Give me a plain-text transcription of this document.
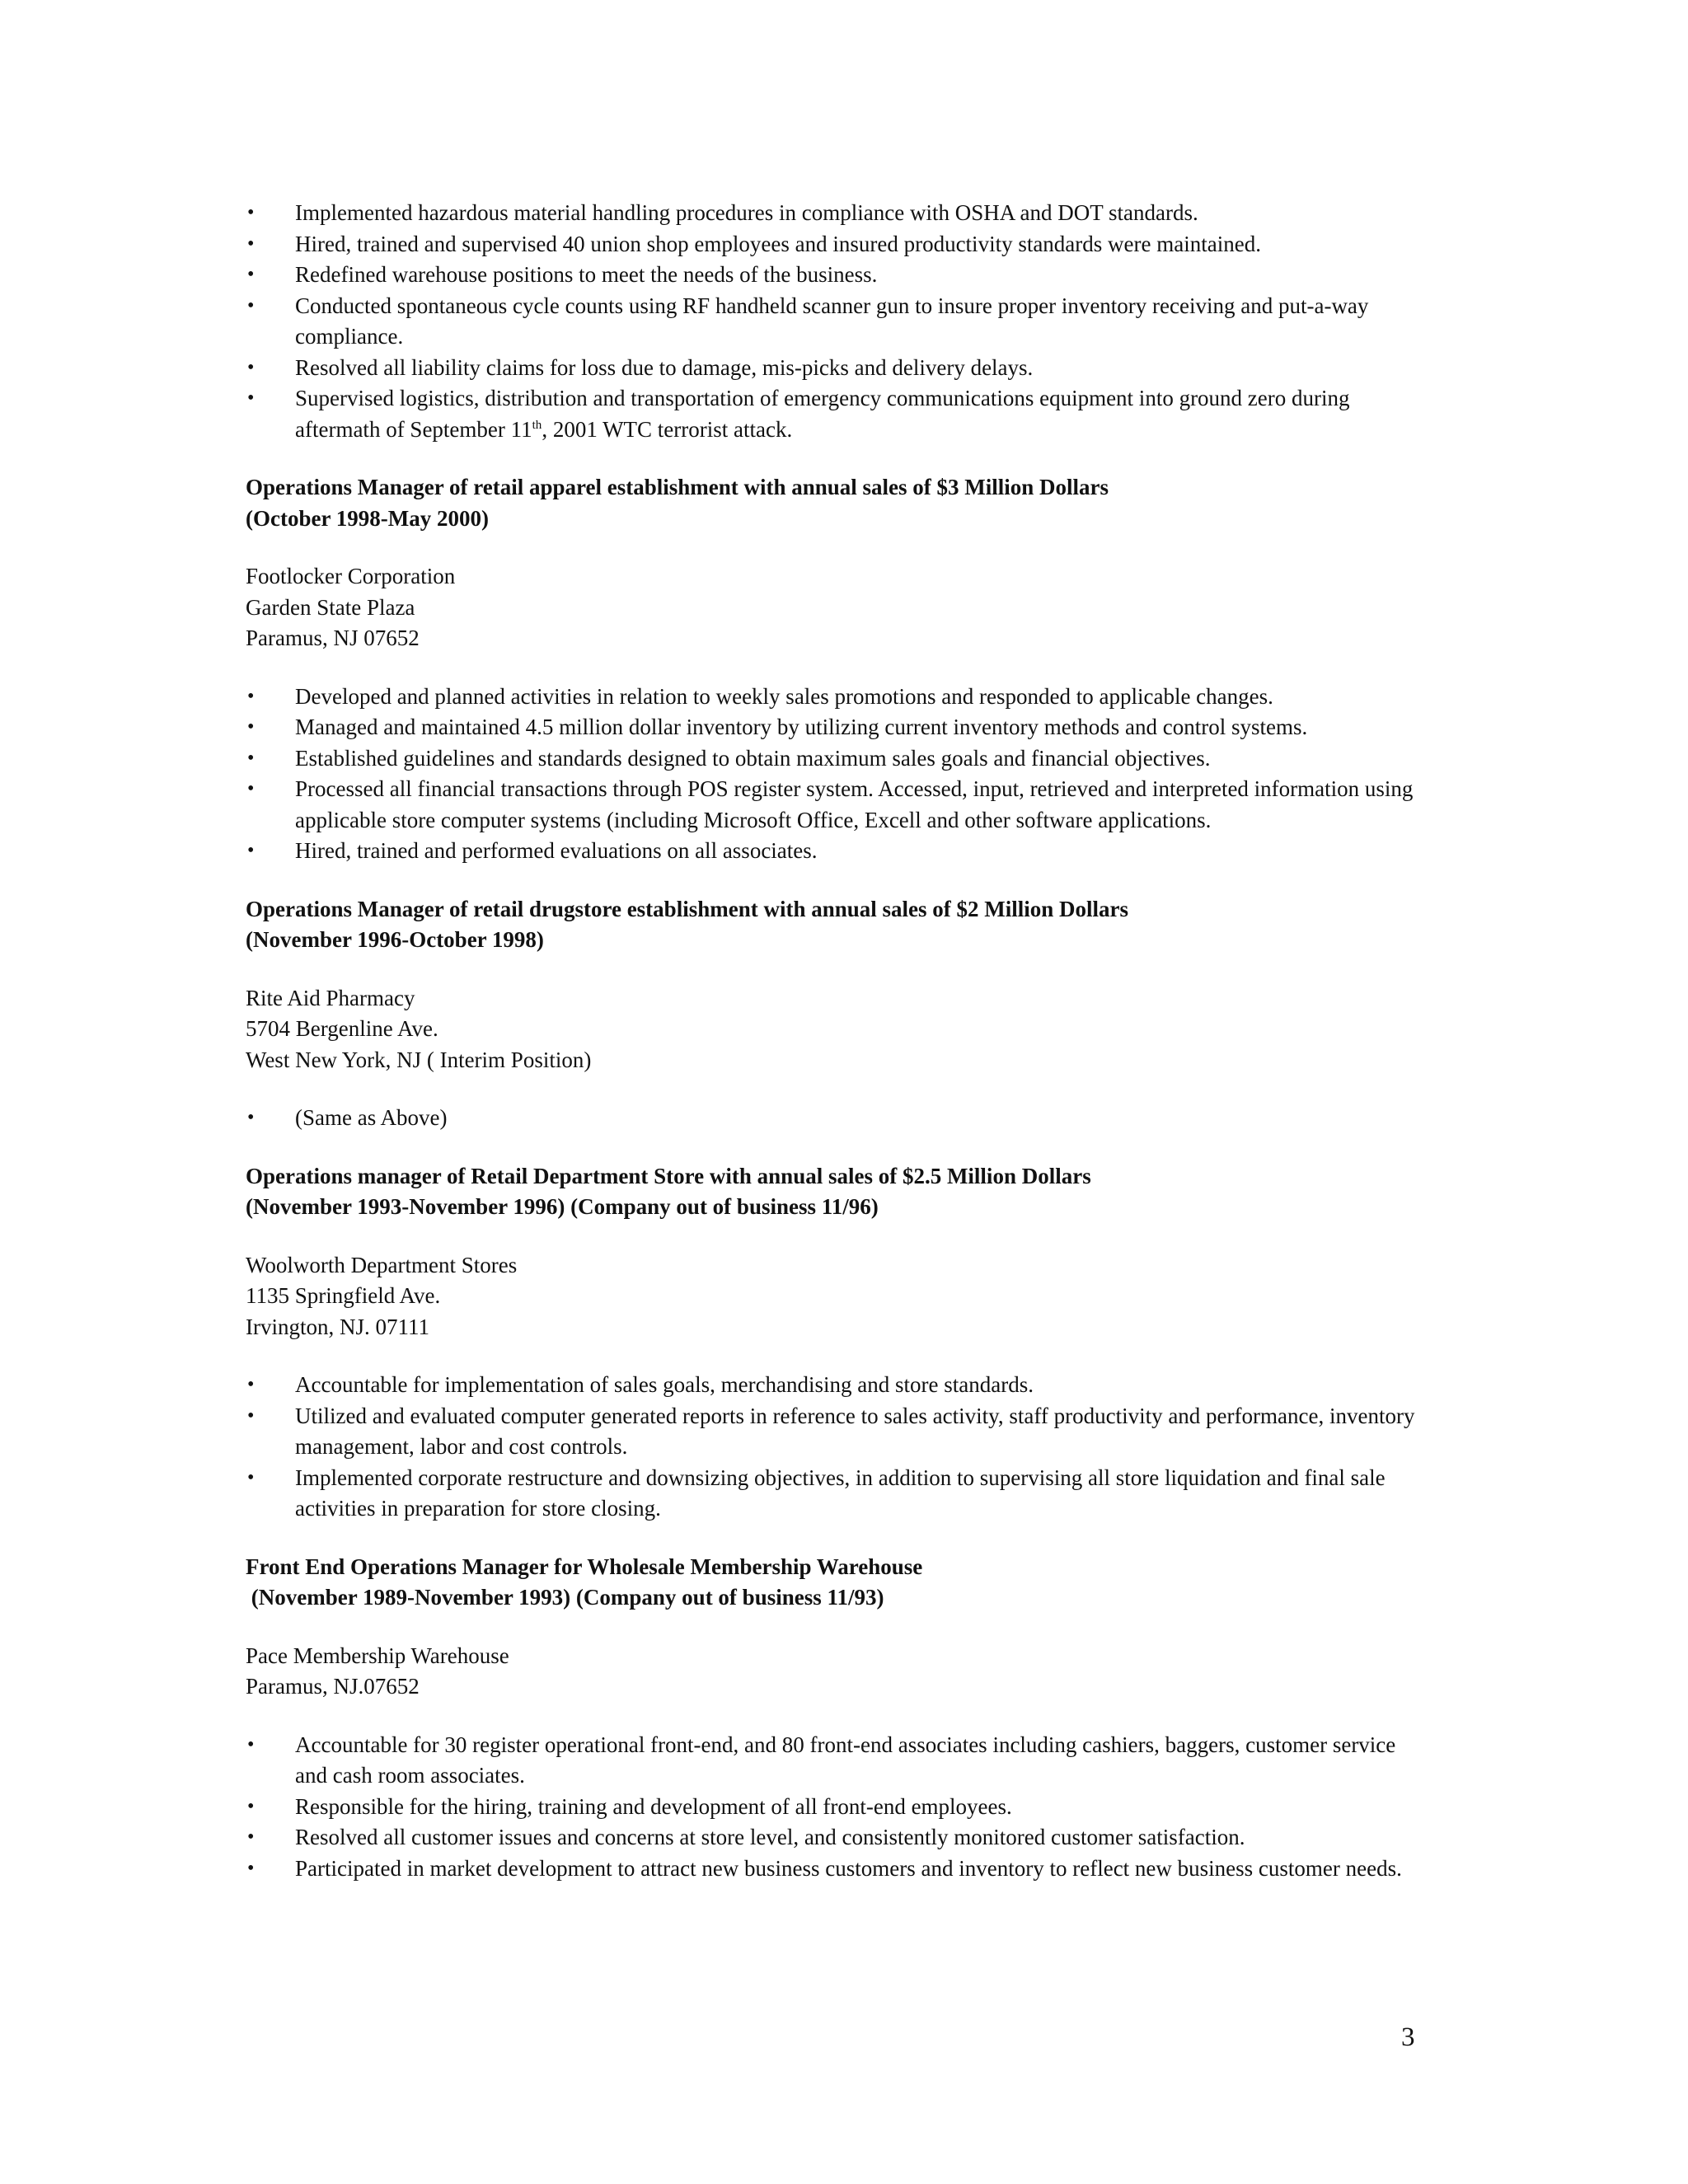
• Implemented hazardous material handling procedures in compliance with OSHA and DOT standards.
• Hired, trained and supervised 40 union shop employees and insured productivity standards were maintained.
• Redefined warehouse positions to meet the needs of the business.
• Conducted spontaneous cycle counts using RF handheld scanner gun to insure proper inventory receiving and put-a-way compliance.
• Resolved all liability claims for loss due to damage, mis-picks and delivery delays.
• Supervised logistics, distribution and transportation of emergency communications equipment into ground zero during aftermath of September 11th, 2001 WTC terrorist attack.
Operations Manager of retail apparel establishment with annual sales of $3 Million Dollars
(October 1998-May 2000)
Footlocker Corporation
Garden State Plaza
Paramus, NJ 07652
• Developed and planned activities in relation to weekly sales promotions and responded to applicable changes.
• Managed and maintained 4.5 million dollar inventory by utilizing current inventory methods and control systems.
• Established guidelines and standards designed to obtain maximum sales goals and financial objectives.
• Processed all financial transactions through POS register system. Accessed, input, retrieved and interpreted information using applicable store computer systems (including Microsoft Office, Excell and other software applications.
• Hired, trained and performed evaluations on all associates.
Operations Manager of retail drugstore establishment with annual sales of $2 Million Dollars
(November 1996-October 1998)
Rite Aid Pharmacy
5704 Bergenline Ave.
West New York, NJ ( Interim Position)
• (Same as Above)
Operations manager of Retail Department Store with annual sales of $2.5 Million Dollars
(November 1993-November 1996) (Company out of business 11/96)
Woolworth Department Stores
1135 Springfield Ave.
Irvington, NJ. 07111
• Accountable for implementation of sales goals, merchandising and store standards.
• Utilized and evaluated computer generated reports in reference to sales activity, staff productivity and performance, inventory management, labor and cost controls.
• Implemented corporate restructure and downsizing objectives, in addition to supervising all store liquidation and final sale activities in preparation for store closing.
Front End Operations Manager for Wholesale Membership Warehouse
(November 1989-November 1993) (Company out of business 11/93)
Pace Membership Warehouse
Paramus, NJ.07652
• Accountable for 30 register operational front-end, and 80 front-end associates including cashiers, baggers, customer service and cash room associates.
• Responsible for the hiring, training and development of all front-end employees.
• Resolved all customer issues and concerns at store level, and consistently monitored customer satisfaction.
• Participated in market development to attract new business customers and inventory to reflect new business customer needs.
3
